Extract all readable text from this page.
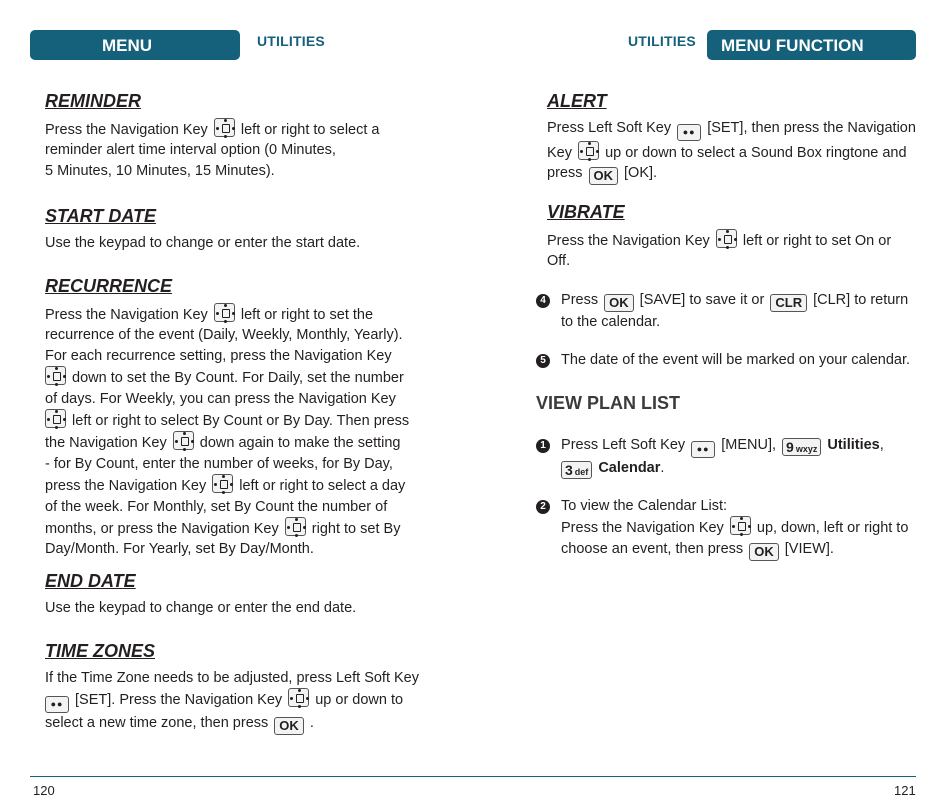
MENU FUNCTION
UTILITIES	UTILITIES	MENU FUNCTION
REMINDER
Press the Navigation Key left or right to select a
reminder alert time interval option (0 Minutes,
5 Minutes, 10 Minutes, 15 Minutes).
START DATE
Use the keypad to change or enter the start date.
RECURRENCE
Press the Navigation Key left or right to set the
recurrence of the event (Daily, Weekly, Monthly, Yearly).
For each recurrence setting, press the Navigation Key

down to set the By Count. For Daily, set the number
of days. For Weekly, you can press the Navigation Key

left or right to select By Count or By Day. Then press
the Navigation Key down again to make the setting
- for By Count, enter the number of weeks, for By Day,
press the Navigation Key left or right to select a day
of the week. For Monthly, set By Count the number of
months, or press the Navigation Key right to set By
Day/Month. For Yearly, set By Day/Month.
END DATE
Use the keypad to change or enter the end date.
TIME ZONES
If the Time Zone needs to be adjusted, press Left Soft Key
●● [SET]. Press the Navigation Key up or down to
select a new time zone, then press OK .
ALERT
Press Left Soft Key ●● [SET], then press the Navigation
Key up or down to select a Sound Box ringtone and
press OK [OK].
VIBRATE
Press the Navigation Key left or right to set On or
Off.
4 Press OK [SAVE] to save it or CLR [CLR] to return
to the calendar.
5 The date of the event will be marked on your calendar.
VIEW PLAN LIST
1 Press Left Soft Key ●● [MENU], 9 wxyz Utilities,
3 def Calendar.
2 To view the Calendar List:
Press the Navigation Key up, down, left or right to
choose an event, then press OK [VIEW].
120	121
